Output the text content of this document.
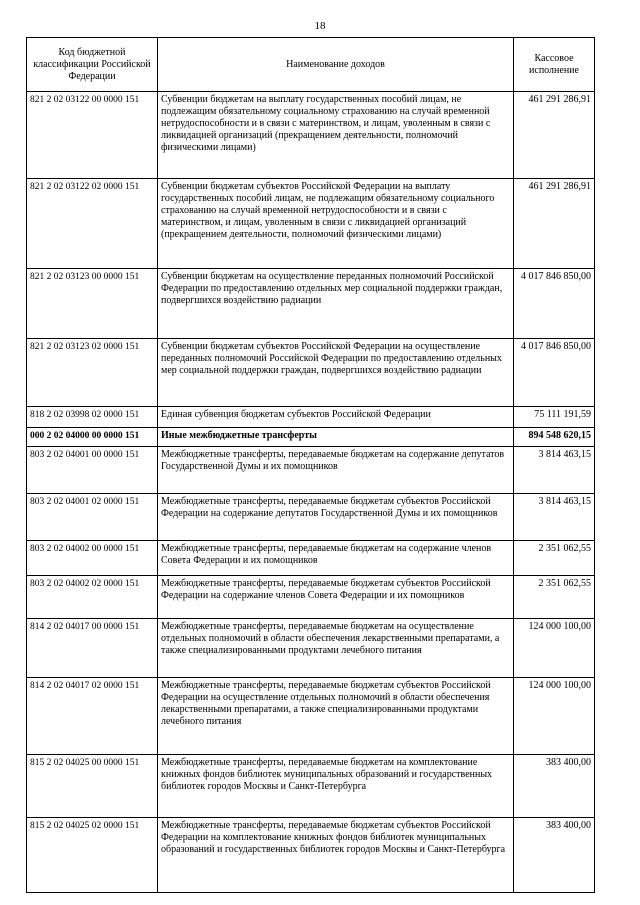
18
Код бюджетной классификации Российской Федерации	Наименование доходов	Кассовое исполнение
821 2 02 03122 00 0000 151	Субвенции бюджетам на выплату государственных пособий лицам, не подлежащим обязательному социальному страхованию на случай временной нетрудоспособности и в связи с материнством, и лицам, уволенным в связи с ликвидацией организаций (прекращением деятельности, полномочий физическими лицами)	461 291 286,91
821 2 02 03122 02 0000 151	Субвенции бюджетам субъектов Российской Федерации на выплату государственных пособий лицам, не подлежащим обязательному социального страхованию на случай временной нетрудоспособности и в связи с материнством, и лицам, уволенным в связи с ликвидацией организаций (прекращением деятельности, полномочий физическими лицами)	461 291 286,91
821 2 02 03123 00 0000 151	Субвенции бюджетам на осуществление переданных полномочий Российской Федерации по предоставлению отдельных мер социальной поддержки граждан, подвергшихся воздействию радиации	4 017 846 850,00
821 2 02 03123 02 0000 151	Субвенции бюджетам субъектов Российской Федерации на осуществление переданных полномочий Российской Федерации по предоставлению отдельных мер социальной поддержки граждан, подвергшихся воздействию радиации	4 017 846 850,00
818 2 02 03998 02 0000 151	Единая субвенция бюджетам субъектов Российской Федерации	75 111 191,59
000 2 02 04000 00 0000 151	Иные межбюджетные трансферты	894 548 620,15
803 2 02 04001 00 0000 151	Межбюджетные трансферты, передаваемые бюджетам на содержание депутатов Государственной Думы и их помощников	3 814 463,15
803 2 02 04001 02 0000 151	Межбюджетные трансферты, передаваемые бюджетам субъектов Российской Федерации на содержание депутатов Государственной Думы и их помощников	3 814 463,15
803 2 02 04002 00 0000 151	Межбюджетные трансферты, передаваемые бюджетам на содержание членов Совета Федерации и их помощников	2 351 062,55
803 2 02 04002 02 0000 151	Межбюджетные трансферты, передаваемые бюджетам субъектов Российской Федерации на содержание членов Совета Федерации и их помощников	2 351 062,55
814 2 02 04017 00 0000 151	Межбюджетные трансферты, передаваемые бюджетам на осуществление отдельных полномочий в области обеспечения лекарственными препаратами, а также специализированными продуктами лечебного питания	124 000 100,00
814 2 02 04017 02 0000 151	Межбюджетные трансферты, передаваемые бюджетам субъектов Российской Федерации на осуществление отдельных полномочий в области обеспечения лекарственными препаратами, а также специализированными продуктами лечебного питания	124 000 100,00
815 2 02 04025 00 0000 151	Межбюджетные трансферты, передаваемые бюджетам на комплектование книжных фондов библиотек муниципальных образований и государственных библиотек городов Москвы и Санкт-Петербурга	383 400,00
815 2 02 04025 02 0000 151	Межбюджетные трансферты, передаваемые бюджетам субъектов Российской Федерации на комплектование книжных фондов библиотек муниципальных образований и государственных библиотек городов Москвы и Санкт-Петербурга	383 400,00
